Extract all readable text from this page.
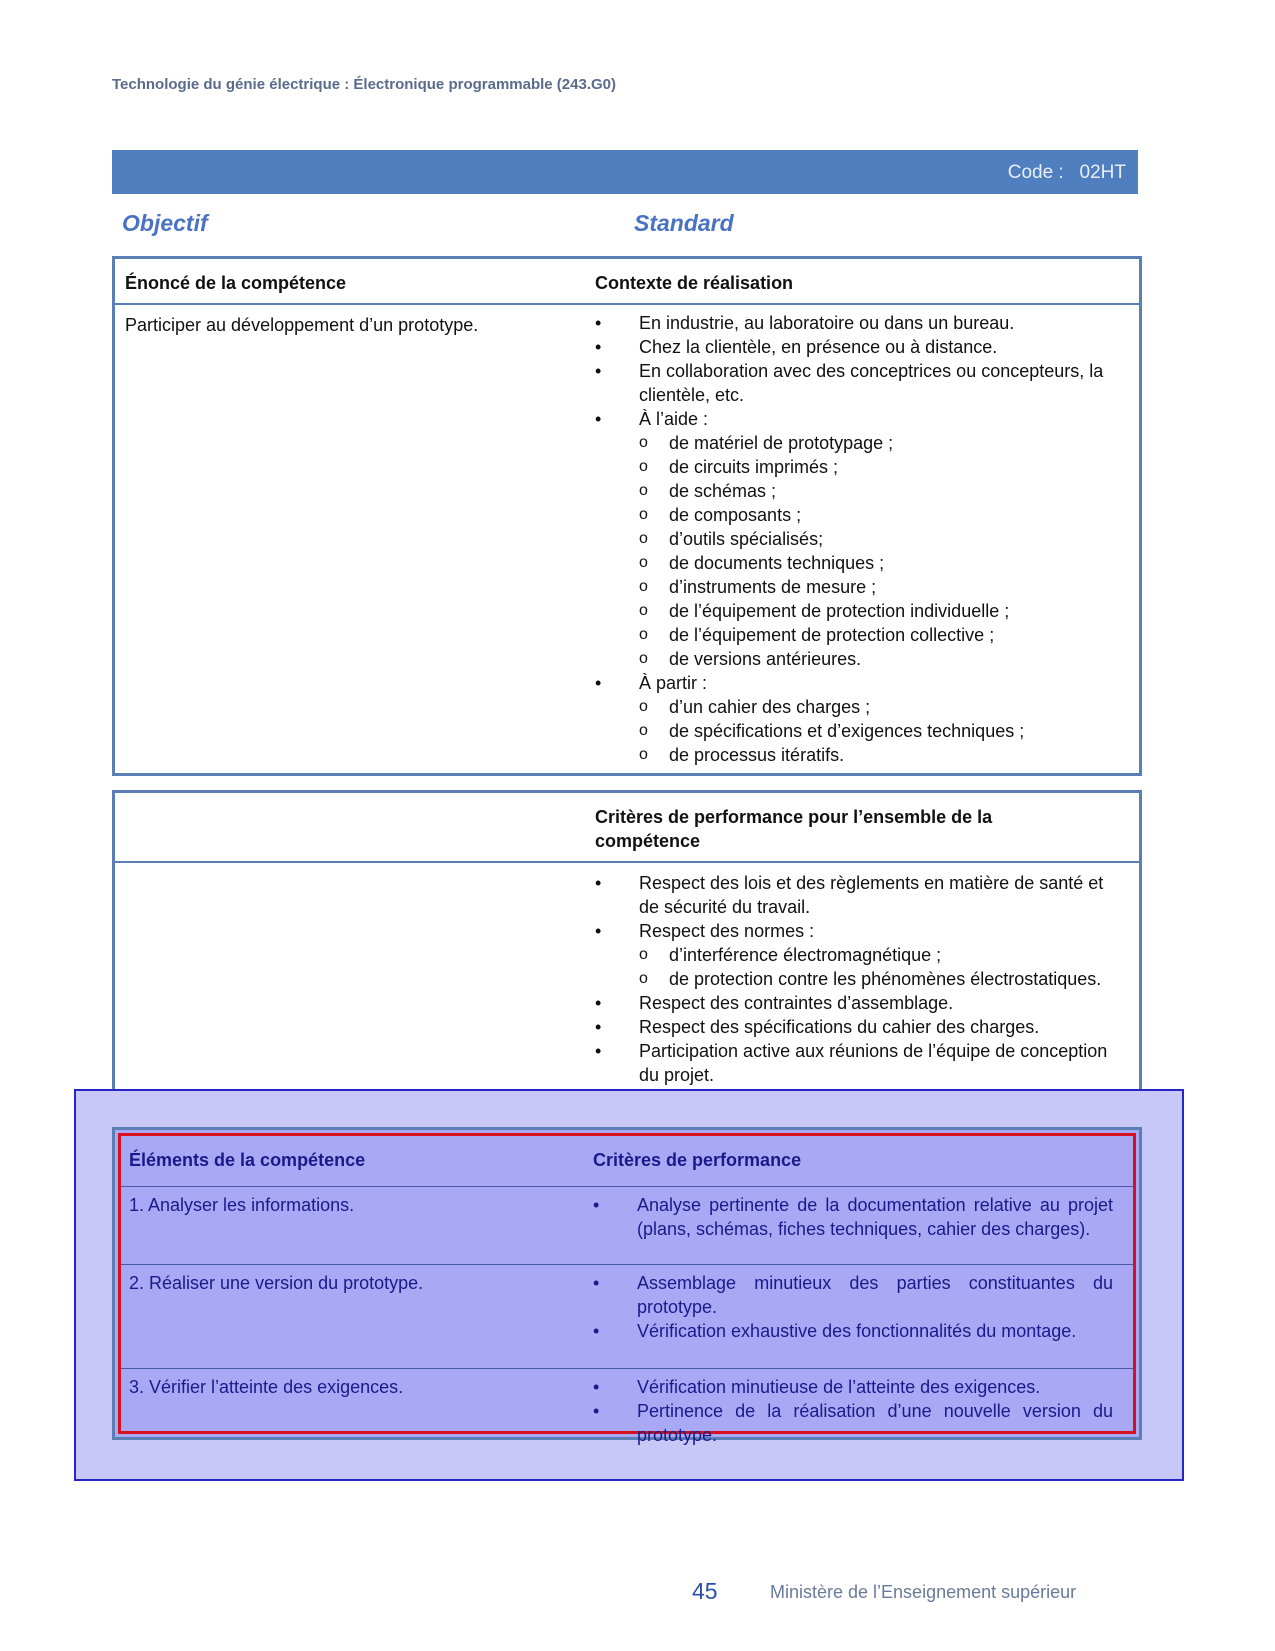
Technologie du génie électrique : Électronique programmable (243.G0)
Code :   02HT
Objectif	Standard
Énoncé de la compétence	Contexte de réalisation
Participer au développement d’un prototype.	• En industrie, au laboratoire ou dans un bureau.
• Chez la clientèle, en présence ou à distance.
• En collaboration avec des conceptrices ou concepteurs, la clientèle, etc.
• À l’aide :
o de matériel de prototypage ;
o de circuits imprimés ;
o de schémas ;
o de composants ;
o d’outils spécialisés;
o de documents techniques ;
o d’instruments de mesure ;
o de l’équipement de protection individuelle ;
o de l’équipement de protection collective ;
o de versions antérieures.
• À partir :
o d’un cahier des charges ;
o de spécifications et d’exigences techniques ;
o de processus itératifs.
Critères de performance pour l’ensemble de la compétence
• Respect des lois et des règlements en matière de santé et de sécurité du travail.
• Respect des normes :
o d’interférence électromagnétique ;
o de protection contre les phénomènes électrostatiques.
• Respect des contraintes d’assemblage.
• Respect des spécifications du cahier des charges.
• Participation active aux réunions de l’équipe de conception du projet.
Éléments de la compétence	Critères de performance
1. Analyser les informations.	• Analyse pertinente de la documentation relative au projet (plans, schémas, fiches techniques, cahier des charges).
2. Réaliser une version du prototype.	• Assemblage minutieux des parties constituantes du prototype.
• Vérification exhaustive des fonctionnalités du montage.
3. Vérifier l’atteinte des exigences.	• Vérification minutieuse de l’atteinte des exigences.
• Pertinence de la réalisation d’une nouvelle version du prototype.
45	Ministère de l’Enseignement supérieur
